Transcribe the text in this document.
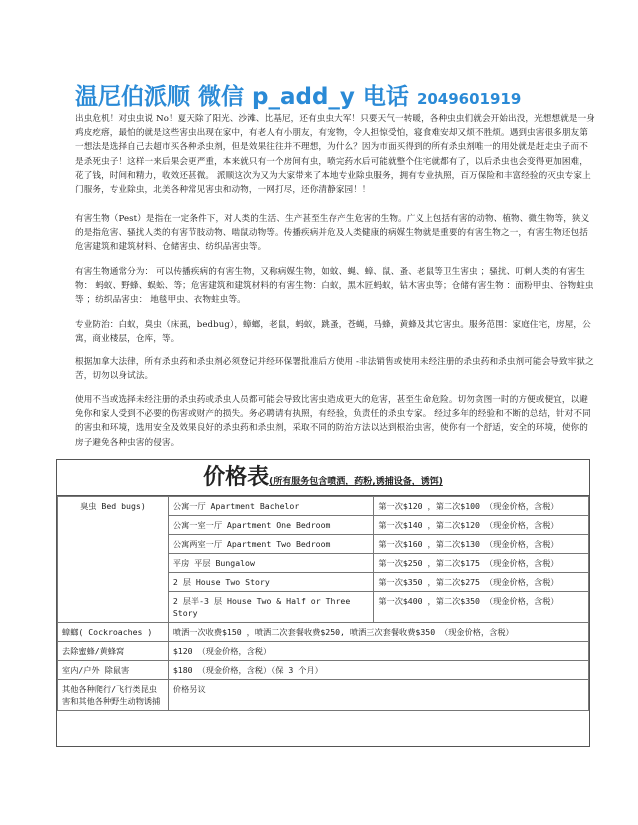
温尼伯派顺 微信 p_add_y 电话 2049601919

出虫危机！对虫虫说 No！夏天除了阳光、沙滩、比基尼，还有虫虫大军！只要天气一转暖，各种虫虫们就会开始出没，光想想就是一身鸡皮疙瘩，最怕的就是这些害虫出现在家中，有老人有小朋友，有宠物，令人担惊受怕，寝食难安却又烦不胜烦。遇到虫害很多朋友第一想法是选择自己去超市买各种杀虫剂，但是效果往往并不理想，为什么？因为市面买得到的所有杀虫剂唯一的用处就是赶走虫子而不是杀死虫子！这样一来后果会更严重，本来就只有一个房间有虫，喷完药水后可能就整个住宅就都有了，以后杀虫也会变得更加困难，花了钱，时间和精力，收效还甚微。 派顺这次为又为大家带来了本地专业除虫服务，拥有专业执照，百万保险和丰富经验的灭虫专家上门服务，专业除虫，北美各种常见害虫和动物，一网打尽，还你清静家园！！

有害生物（Pest）是指在一定条件下，对人类的生活、生产甚至生存产生危害的生物。广义上包括有害的动物、植物、微生物等，狭义的是指危害、骚扰人类的有害节肢动物、啮鼠动物等。传播疾病并危及人类健康的病媒生物就是重要的有害生物之一，有害生物还包括危害建筑和建筑材料、仓储害虫、纺织品害虫等。

有害生物通常分为： 可以传播疾病的有害生物，又称病媒生物，如蚊、蝇、蟑、鼠、蚤、老鼠等卫生害虫 ；骚扰、叮刺人类的有害生物： 蚂蚁、野蜂、蜈蚣、等；危害建筑和建筑材料的有害生物：白蚁，黑木匠蚂蚁，钻木害虫等；仓储有害生物 ：面粉甲虫、谷物蛀虫等 ；纺织品害虫： 地毯甲虫、衣物蛀虫等。

专业防治：白蚁，臭虫（床虱，bedbug），蟑螂，老鼠，蚂蚁，跳蚤，苍蝇，马蜂，黄蜂及其它害虫。服务范围：家庭住宅，房屋，公寓，商业楼层，仓库，等。

根据加拿大法律，所有杀虫药和杀虫剂必须登记并经环保署批准后方使用 -非法销售或使用未经注册的杀虫药和杀虫剂可能会导致牢狱之苦，切勿以身试法。

使用不当或选择未经注册的杀虫药或杀虫人员都可能会导致比害虫造成更大的危害，甚至生命危险。切勿贪图一时的方便或便宜，以避免你和家人受到不必要的伤害或财产的损失。务必聘请有执照，有经验，负责任的杀虫专家。 经过多年的经验和不断的总结，针对不同的害虫和环境，选用安全及效果良好的杀虫药和杀虫剂，采取不同的防治方法以达到根治虫害，使你有一个舒适，安全的环境，使你的房子避免各种虫害的侵害。

价格表(所有服务包含喷洒，药粉,诱捕设备，诱饵)
臭虫 Bed bugs)	公寓一厅 Apartment Bachelor	第一次$120 ，第二次$100 （现金价格，含税）
	公寓一室一厅 Apartment One Bedroom	第一次$140 ，第二次$120 （现金价格，含税）
	公寓两室一厅 Apartment Two Bedroom	第一次$160 ，第二次$130 （现金价格，含税）
	平房 平层 Bungalow	第一次$250 ，第二次$175 （现金价格，含税）
	2 层 House Two Story	第一次$350 ，第二次$275 （现金价格，含税）
	2 层半-3 层 House Two & Half or Three Story	第一次$400 ，第二次$350 （现金价格，含税）
蟑螂( Cockroaches )	喷洒一次收费$150 ，喷洒二次套餐收费$250, 喷洒三次套餐收费$350 （现金价格，含税）	
去除蜜蜂/黄蜂窝	$120 （现金价格，含税）	
室内/户外 除鼠害	$180 （现金价格，含税）（保 3 个月）	
其他各种爬行/飞行类昆虫害和其他各种野生动物诱捕	价格另议	
